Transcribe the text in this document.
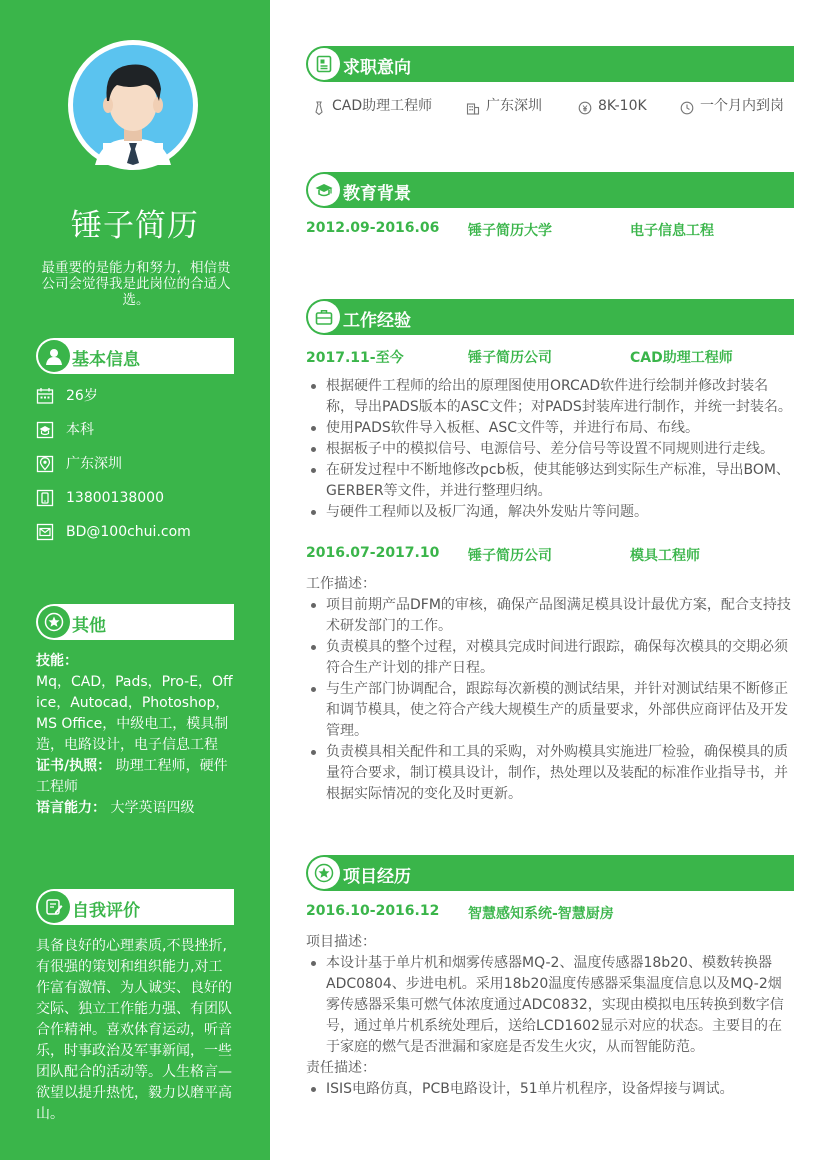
锤子简历
最重要的是能力和努力，相信贵公司会觉得我是此岗位的合适人选。
基本信息
26岁
本科
广东深圳
13800138000
BD@100chui.com
其他
技能：
Mq，CAD，Pads，Pro-E，Office，Autocad，Photoshop，MS Office，中级电工，模具制造，电路设计，电子信息工程
证书/执照： 助理工程师，硬件工程师
语言能力： 大学英语四级
自我评价
具备良好的心理素质,不畏挫折,有很强的策划和组织能力,对工作富有激情、为人诚实、良好的交际、独立工作能力强、有团队合作精神。喜欢体育运动，听音乐，时事政治及军事新闻，一些团队配合的活动等。人生格言—欲望以提升热忱，毅力以磨平高山。
求职意向
CAD助理工程师	广东深圳	8K-10K	一个月内到岗
教育背景
2012.09-2016.06 锤子简历大学	电子信息工程
工作经验
2017.11-至今	锤子简历公司	CAD助理工程师
根据硬件工程师的给出的原理图使用ORCAD软件进行绘制并修改封装名称，导出PADS版本的ASC文件；对PADS封装库进行制作，并统一封装名。
使用PADS软件导入板框、ASC文件等，并进行布局、布线。
根据板子中的模拟信号、电源信号、差分信号等设置不同规则进行走线。
在研发过程中不断地修改pcb板，使其能够达到实际生产标准，导出BOM、GERBER等文件，并进行整理归纳。
与硬件工程师以及板厂沟通，解决外发贴片等问题。
2016.07-2017.10 锤子简历公司	模具工程师
工作描述：
项目前期产品DFM的审核，确保产品图满足模具设计最优方案，配合支持技术研发部门的工作。
负责模具的整个过程，对模具完成时间进行跟踪，确保每次模具的交期必须符合生产计划的排产日程。
与生产部门协调配合，跟踪每次新模的测试结果，并针对测试结果不断修正和调节模具，使之符合产线大规模生产的质量要求，外部供应商评估及开发管理。
负责模具相关配件和工具的采购，对外购模具实施进厂检验，确保模具的质量符合要求，制订模具设计，制作，热处理以及装配的标准作业指导书，并根据实际情况的变化及时更新。
项目经历
2016.10-2016.12 智慧感知系统-智慧厨房
项目描述：
本设计基于单片机和烟雾传感器MQ-2、温度传感器18b20、模数转换器ADC0804、步进电机。采用18b20温度传感器采集温度信息以及MQ-2烟雾传感器采集可燃气体浓度通过ADC0832，实现由模拟电压转换到数字信号，通过单片机系统处理后，送给LCD1602显示对应的状态。主要目的在于家庭的燃气是否泄漏和家庭是否发生火灾，从而智能防范。
责任描述：
ISIS电路仿真，PCB电路设计，51单片机程序，设备焊接与调试。
